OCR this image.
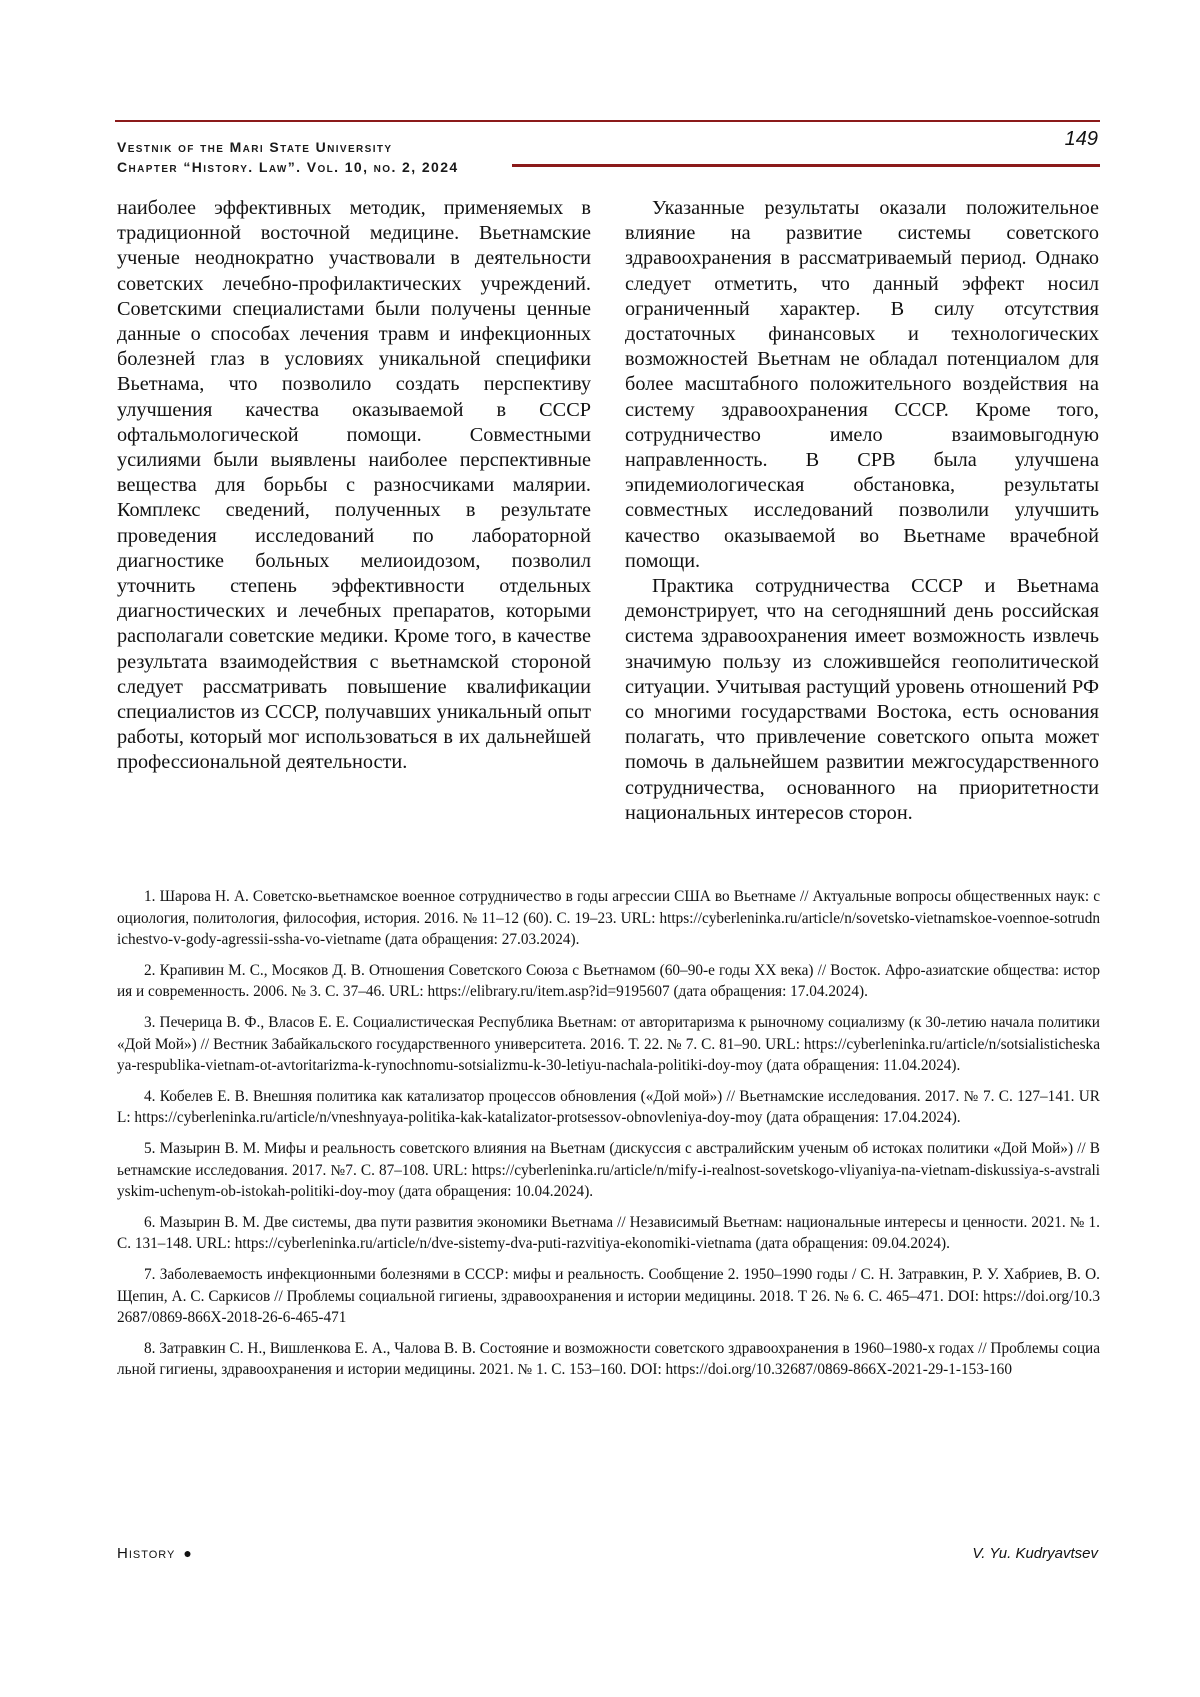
Vestnik of the Mari State University
Chapter “History. Law”. Vol. 10, no. 2, 2024
149

наиболее эффективных методик, применяемых в традиционной восточной медицине. Вьетнамские ученые неоднократно участвовали в деятельности советских лечебно-профилактических учреждений. Советскими специалистами были получены ценные данные о способах лечения травм и инфекционных болезней глаз в условиях уникальной специфики Вьетнама, что позволило создать перспективу улучшения качества оказываемой в СССР офтальмологической помощи. Совместными усилиями были выявлены наиболее перспективные вещества для борьбы с разносчиками малярии. Комплекс сведений, полученных в результате проведения исследований по лабораторной диагностике больных мелиоидозом, позволил уточнить степень эффективности отдельных диагностических и лечебных препаратов, которыми располагали советские медики. Кроме того, в качестве результата взаимодействия с вьетнамской стороной следует рассматривать повышение квалификации специалистов из СССР, получавших уникальный опыт работы, который мог использоваться в их дальнейшей профессиональной деятельности.

Указанные результаты оказали положительное влияние на развитие системы советского здравоохранения в рассматриваемый период. Однако следует отметить, что данный эффект носил ограниченный характер. В силу отсутствия достаточных финансовых и технологических возможностей Вьетнам не обладал потенциалом для более масштабного положительного воздействия на систему здравоохранения СССР. Кроме того, сотрудничество имело взаимовыгодную направленность. В СРВ была улучшена эпидемиологическая обстановка, результаты совместных исследований позволили улучшить качество оказываемой во Вьетнаме врачебной помощи.

Практика сотрудничества СССР и Вьетнама демонстрирует, что на сегодняшний день российская система здравоохранения имеет возможность извлечь значимую пользу из сложившейся геополитической ситуации. Учитывая растущий уровень отношений РФ со многими государствами Востока, есть основания полагать, что привлечение советского опыта может помочь в дальнейшем развитии межгосударственного сотрудничества, основанного на приоритетности национальных интересов сторон.

1. Шарова Н. А. Советско-вьетнамское военное сотрудничество в годы агрессии США во Вьетнаме // Актуальные вопросы общественных наук: социология, политология, философия, история. 2016. № 11–12 (60). С. 19–23. URL: https://cyberleninka.ru/article/n/sovetsko-vietnamskoe-voennoe-sotrudnichestvo-v-gody-agressii-ssha-vo-vietname (дата обращения: 27.03.2024).

2. Крапивин М. С., Мосяков Д. В. Отношения Советского Союза с Вьетнамом (60–90-е годы XX века) // Восток. Афро-азиатские общества: история и современность. 2006. № 3. С. 37–46. URL: https://elibrary.ru/item.asp?id=9195607 (дата обращения: 17.04.2024).

3. Печерица В. Ф., Власов Е. Е. Социалистическая Республика Вьетнам: от авторитаризма к рыночному социализму (к 30-летию начала политики «Дой Мой») // Вестник Забайкальского государственного университета. 2016. Т. 22. № 7. С. 81–90. URL: https://cyberleninka.ru/article/n/sotsialisticheskaya-respublika-vietnam-ot-avtoritarizma-k-rynochnomu-sotsializmu-k-30-letiyu-nachala-politiki-doy-moy (дата обращения: 11.04.2024).

4. Кобелев Е. В. Внешняя политика как катализатор процессов обновления («Дой мой») // Вьетнамские исследования. 2017. № 7. С. 127–141. URL: https://cyberleninka.ru/article/n/vneshnyaya-politika-kak-katalizator-protsessov-obnovleniya-doy-moy (дата обращения: 17.04.2024).

5. Мазырин В. М. Мифы и реальность советского влияния на Вьетнам (дискуссия с австралийским ученым об истоках политики «Дой Мой») // Вьетнамские исследования. 2017. №7. С. 87–108. URL: https://cyberleninka.ru/article/n/mify-i-realnost-sovetskogo-vliyaniya-na-vietnam-diskussiya-s-avstraliyskim-uchenym-ob-istokah-politiki-doy-moy (дата обращения: 10.04.2024).

6. Мазырин В. М. Две системы, два пути развития экономики Вьетнама // Независимый Вьетнам: национальные интересы и ценности. 2021. № 1. С. 131–148. URL: https://cyberleninka.ru/article/n/dve-sistemy-dva-puti-razvitiya-ekonomiki-vietnama (дата обращения: 09.04.2024).

7. Заболеваемость инфекционными болезнями в СССР: мифы и реальность. Сообщение 2. 1950–1990 годы / С. Н. Затравкин, Р. У. Хабриев, В. О. Щепин, А. С. Саркисов // Проблемы социальной гигиены, здравоохранения и истории медицины. 2018. Т 26. № 6. С. 465–471. DOI: https://doi.org/10.32687/0869-866X-2018-26-6-465-471

8. Затравкин С. Н., Вишленкова Е. А., Чалова В. В. Состояние и возможности советского здравоохранения в 1960–1980-х годах // Проблемы социальной гигиены, здравоохранения и истории медицины. 2021. № 1. С. 153–160. DOI: https://doi.org/10.32687/0869-866X-2021-29-1-153-160

History ●	V. Yu. Kudryavtsev
